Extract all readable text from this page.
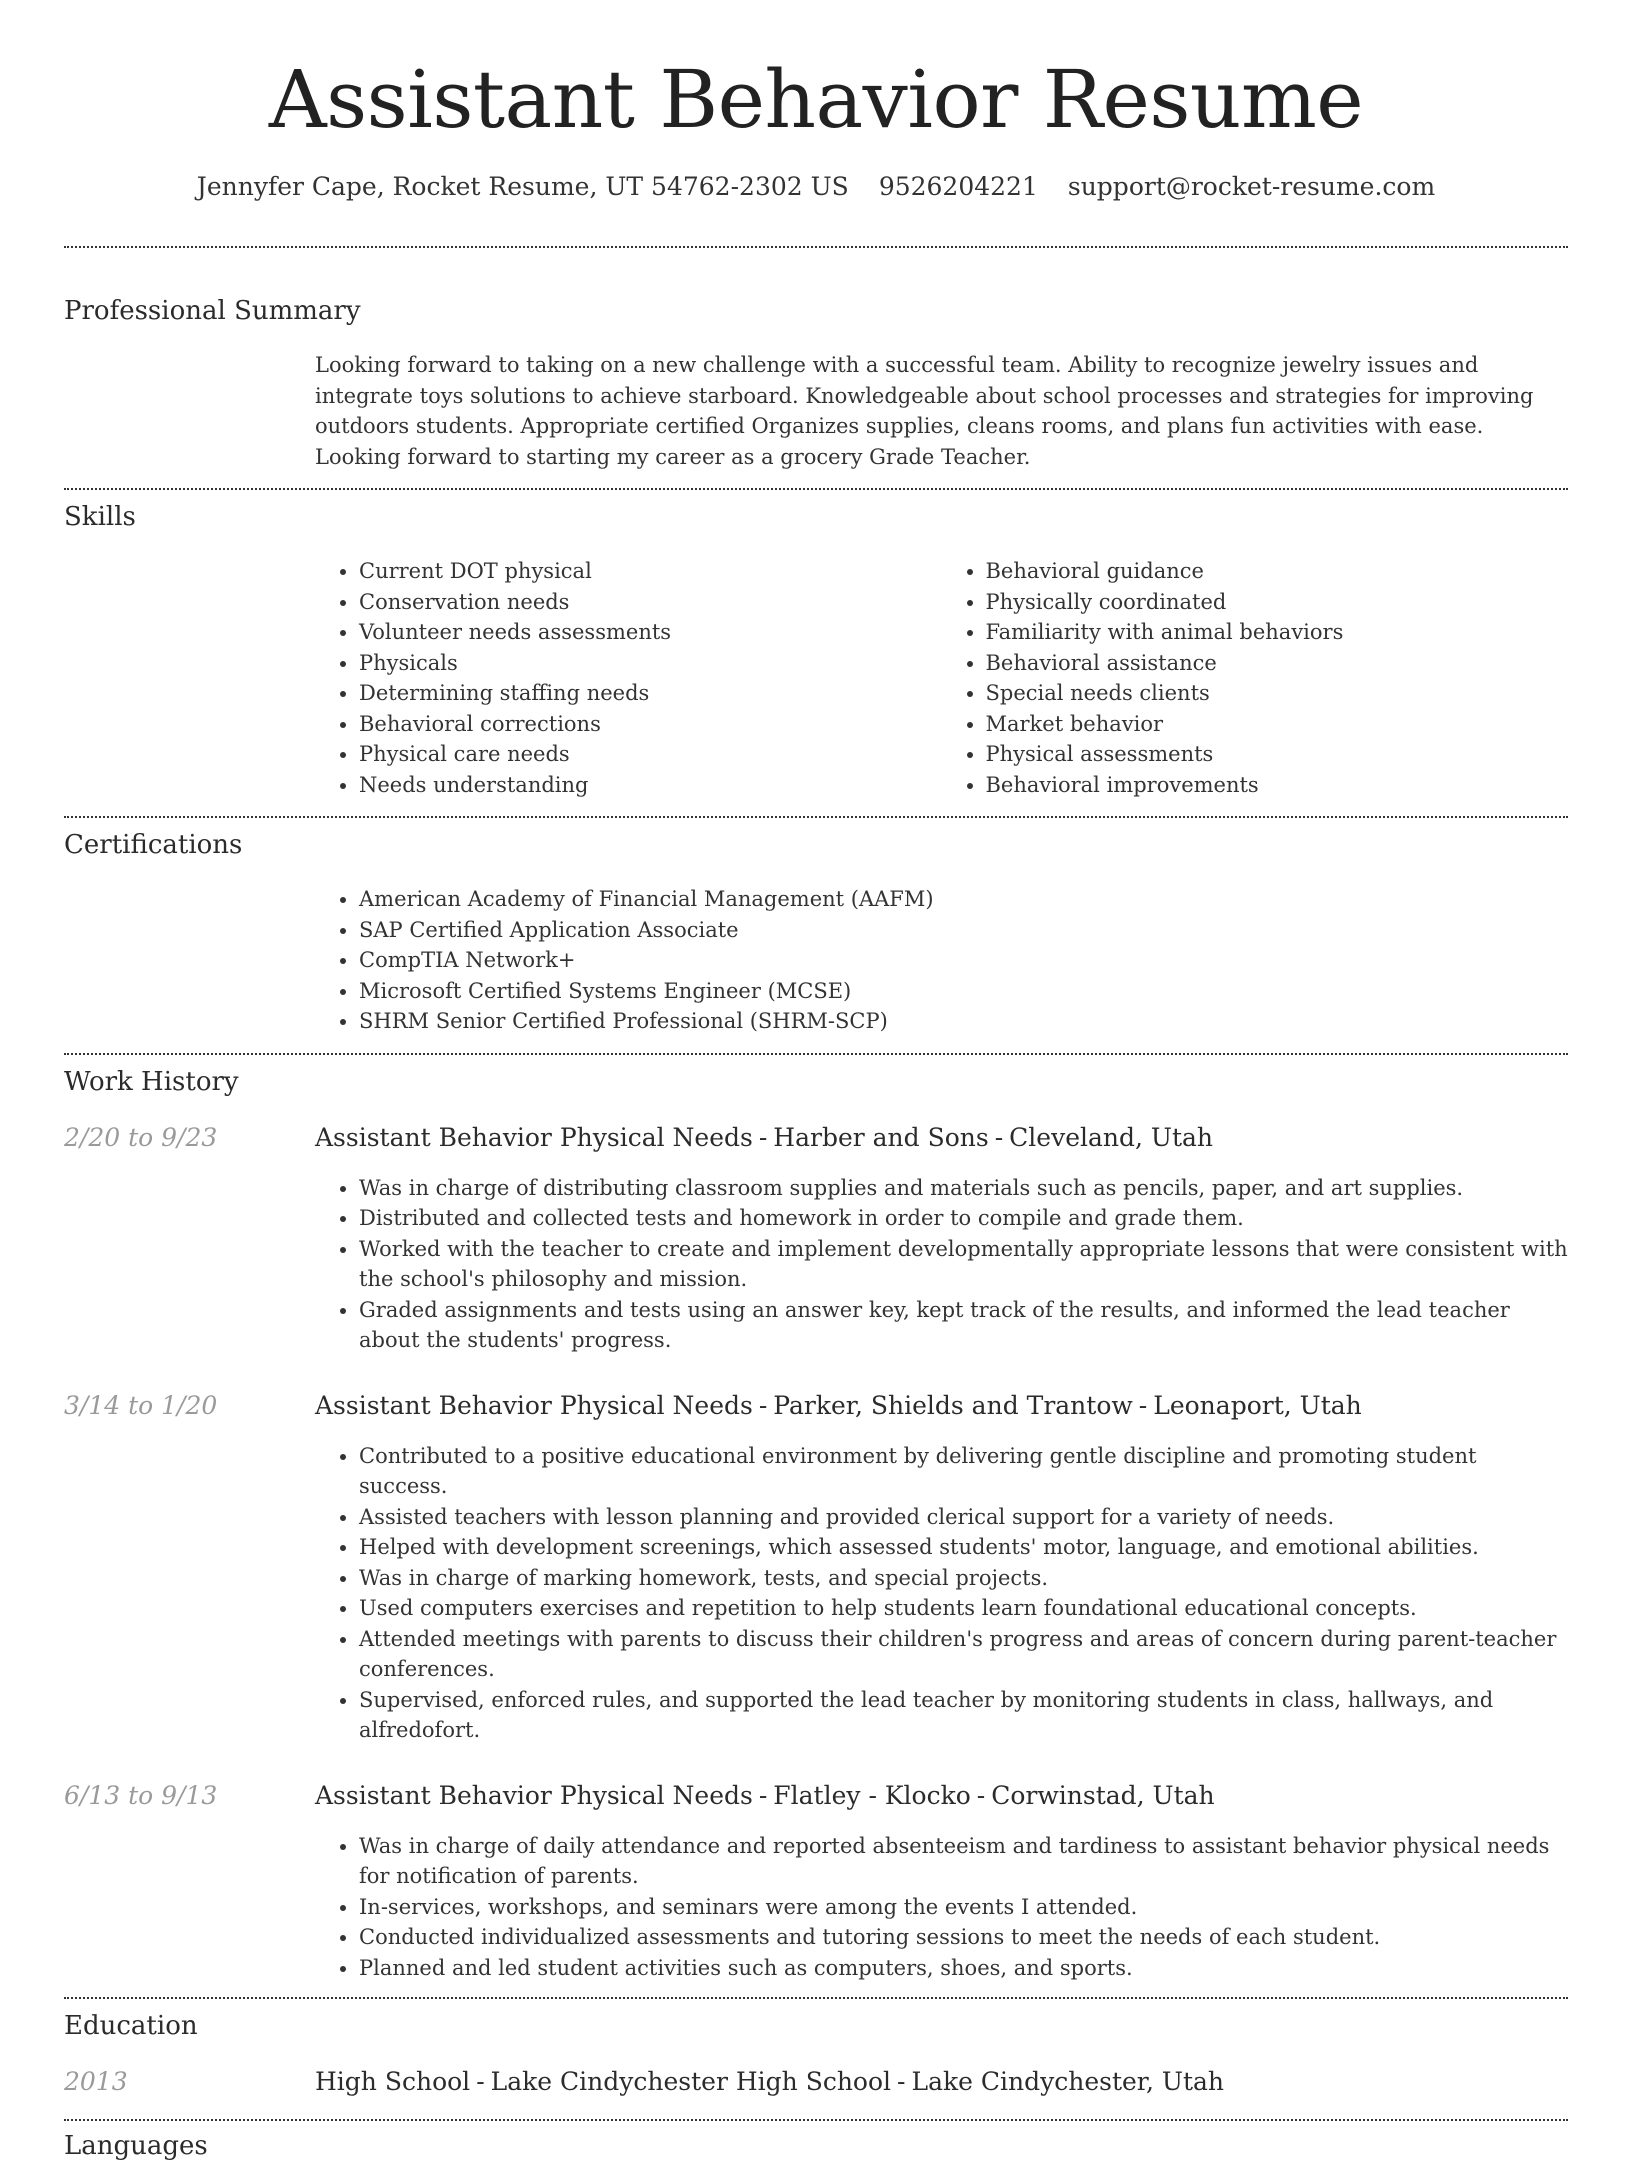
Assistant Behavior Resume
Jennyfer Cape, Rocket Resume, UT 54762-2302 US 9526204221 support@rocket-resume.com
Professional Summary

Looking forward to taking on a new challenge with a successful team. Ability to recognize jewelry issues and integrate toys solutions to achieve starboard. Knowledgeable about school processes and strategies for improving outdoors students. Appropriate certified Organizes supplies, cleans rooms, and plans fun activities with ease. Looking forward to starting my career as a grocery Grade Teacher.

Skills
• Current DOT physical
• Conservation needs
• Volunteer needs assessments
• Physicals
• Determining staffing needs
• Behavioral corrections
• Physical care needs
• Needs understanding
• Behavioral guidance
• Physically coordinated
• Familiarity with animal behaviors
• Behavioral assistance
• Special needs clients
• Market behavior
• Physical assessments
• Behavioral improvements
Certifications
• American Academy of Financial Management (AAFM)
• SAP Certified Application Associate
• CompTIA Network+
• Microsoft Certified Systems Engineer (MCSE)
• SHRM Senior Certified Professional (SHRM-SCP)
Work History
2/20 to 9/23	Assistant Behavior Physical Needs - Harber and Sons - Cleveland, Utah
• Was in charge of distributing classroom supplies and materials such as pencils, paper, and art supplies.
• Distributed and collected tests and homework in order to compile and grade them.
• Worked with the teacher to create and implement developmentally appropriate lessons that were consistent with the school's philosophy and mission.
• Graded assignments and tests using an answer key, kept track of the results, and informed the lead teacher about the students' progress.
3/14 to 1/20	Assistant Behavior Physical Needs - Parker, Shields and Trantow - Leonaport, Utah
• Contributed to a positive educational environment by delivering gentle discipline and promoting student success.
• Assisted teachers with lesson planning and provided clerical support for a variety of needs.
• Helped with development screenings, which assessed students' motor, language, and emotional abilities.
• Was in charge of marking homework, tests, and special projects.
• Used computers exercises and repetition to help students learn foundational educational concepts.
• Attended meetings with parents to discuss their children's progress and areas of concern during parent-teacher conferences.
• Supervised, enforced rules, and supported the lead teacher by monitoring students in class, hallways, and alfredofort.
6/13 to 9/13	Assistant Behavior Physical Needs - Flatley - Klocko - Corwinstad, Utah
• Was in charge of daily attendance and reported absenteeism and tardiness to assistant behavior physical needs for notification of parents.
• In-services, workshops, and seminars were among the events I attended.
• Conducted individualized assessments and tutoring sessions to meet the needs of each student.
• Planned and led student activities such as computers, shoes, and sports.
Education
2013	High School - Lake Cindychester High School - Lake Cindychester, Utah
Languages
